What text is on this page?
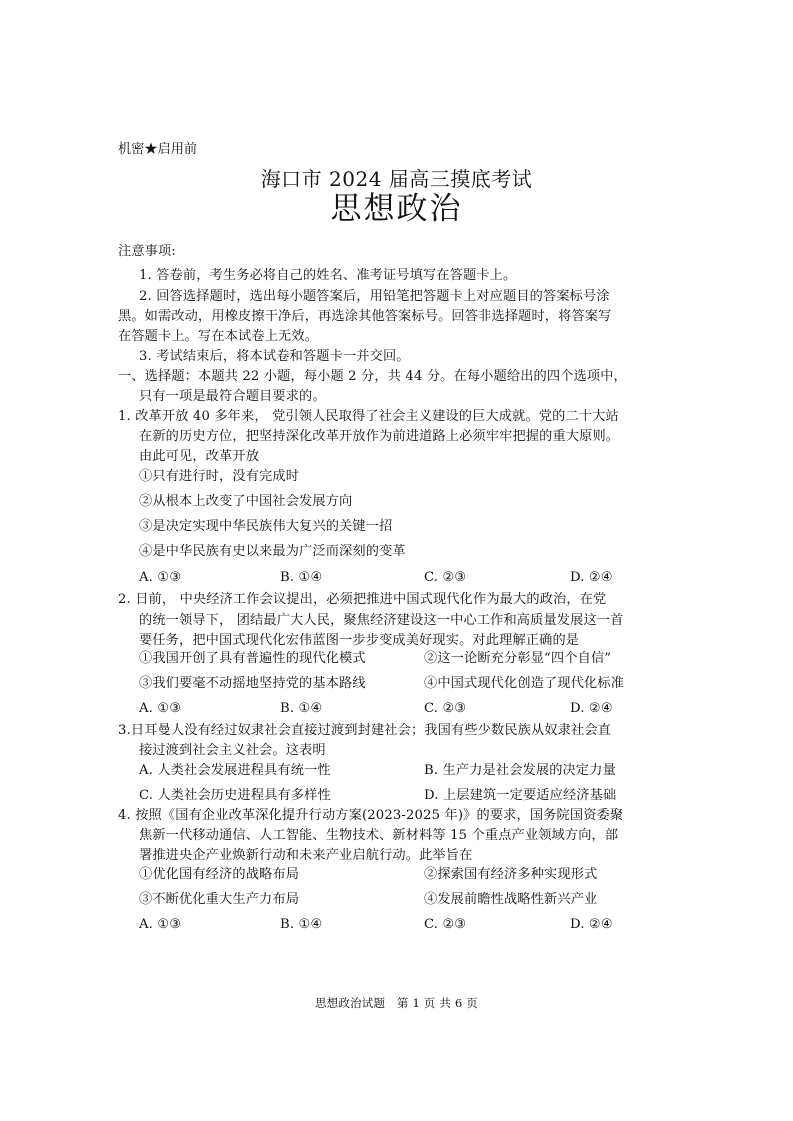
机密★启用前
海口市 2024 届高三摸底考试
思想政治
注意事项:
1. 答卷前，考生务必将自己的姓名、准考证号填写在答题卡上。
2. 回答选择题时，选出每小题答案后，用铅笔把答题卡上对应题目的答案标号涂
黑。如需改动，用橡皮擦干净后，再选涂其他答案标号。回答非选择题时，将答案写
在答题卡上。写在本试卷上无效。
3. 考试结束后，将本试卷和答题卡一并交回。
一、选择题：本题共 22 小题，每小题 2 分，共 44 分。在每小题给出的四个选项中，
只有一项是最符合题目要求的。
1. 改革开放 40 多年来， 党引领人民取得了社会主义建设的巨大成就。党的二十大站
在新的历史方位，把坚持深化改革开放作为前进道路上必须牢牢把握的重大原则。
由此可见，改革开放
①只有进行时，没有完成时
②从根本上改变了中国社会发展方向
③是决定实现中华民族伟大复兴的关键一招
④是中华民族有史以来最为广泛而深刻的变革
A. ①③	B. ①④	C. ②③	D. ②④
2. 日前， 中央经济工作会议提出，必须把推进中国式现代化作为最大的政治，在党
的统一领导下， 团结最广大人民，聚焦经济建设这一中心工作和高质量发展这一首
要任务，把中国式现代化宏伟蓝图一步步变成美好现实。对此理解正确的是
①我国开创了具有普遍性的现代化模式	②这一论断充分彰显“四个自信”
③我们要毫不动摇地坚持党的基本路线	④中国式现代化创造了现代化标准
A. ①③	B. ①④	C. ②③	D. ②④
3.日耳曼人没有经过奴隶社会直接过渡到封建社会；我国有些少数民族从奴隶社会直
接过渡到社会主义社会。这表明
A. 人类社会发展进程具有统一性	B. 生产力是社会发展的决定力量
C. 人类社会历史进程具有多样性	D. 上层建筑一定要适应经济基础
4. 按照《国有企业改革深化提升行动方案(2023-2025 年)》的要求，国务院国资委聚
焦新一代移动通信、人工智能、生物技术、新材料等 15 个重点产业领域方向，部
署推进央企产业焕新行动和未来产业启航行动。此举旨在
①优化国有经济的战略布局	②探索国有经济多种实现形式
③不断优化重大生产力布局	④发展前瞻性战略性新兴产业
A. ①③	B. ①④	C. ②③	D. ②④
思想政治试题　第 1 页 共 6 页
